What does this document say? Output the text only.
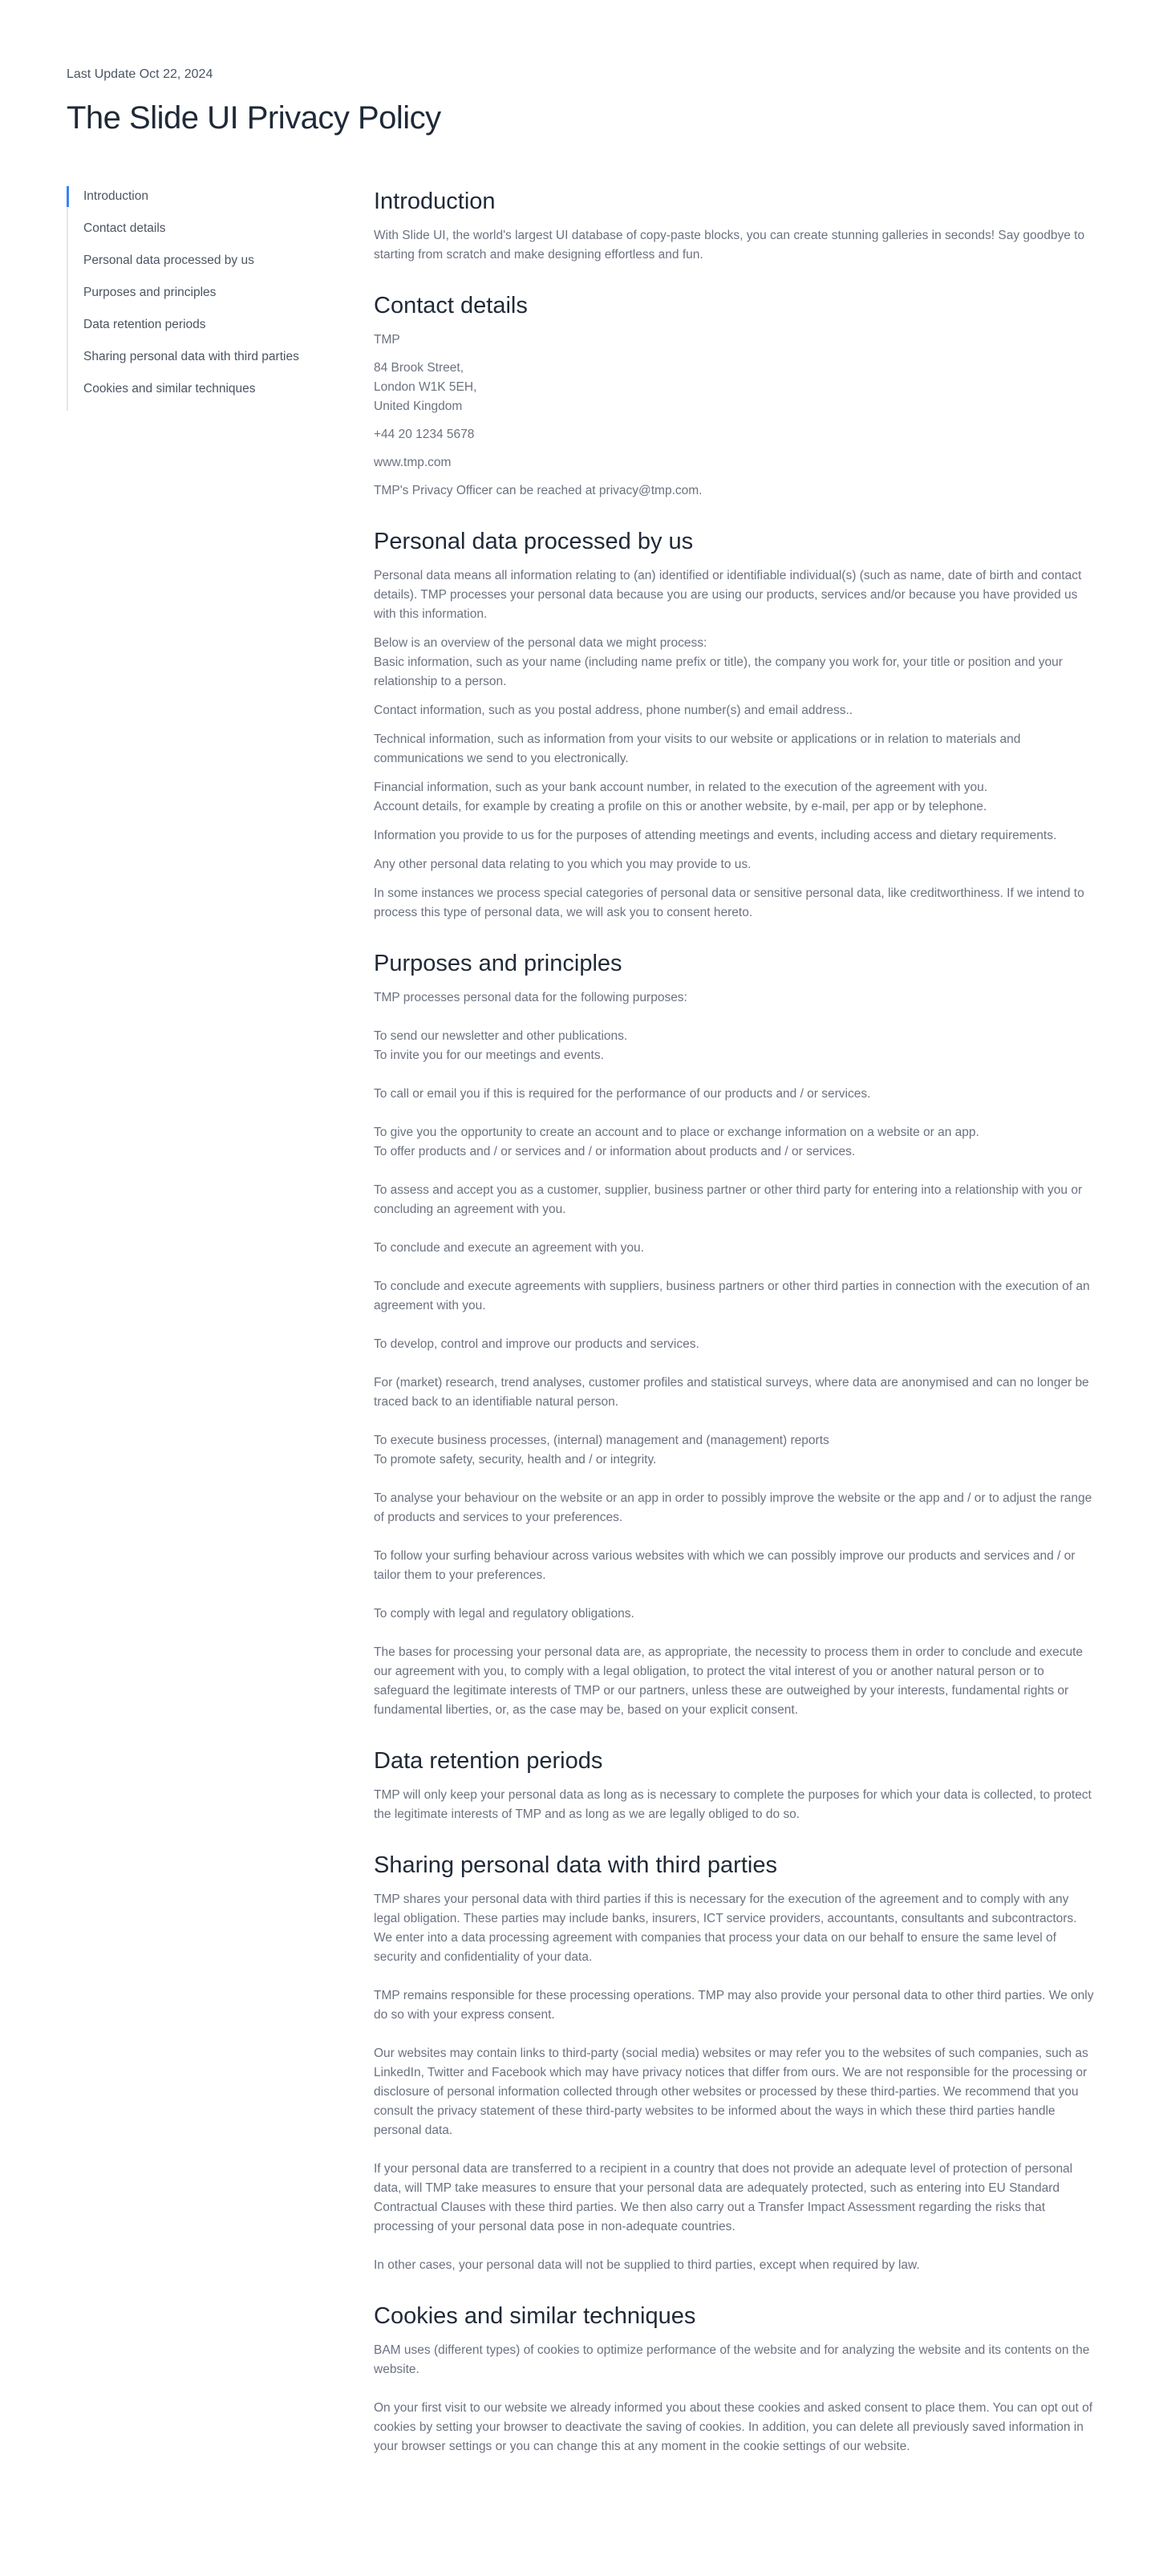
Last Update Oct 22, 2024
The Slide UI Privacy Policy
Introduction
Contact details
Personal data processed by us
Purposes and principles
Data retention periods
Sharing personal data with third parties
Cookies and similar techniques
Introduction

With Slide UI, the world's largest UI database of copy-paste blocks, you can create stunning galleries in seconds! Say goodbye to starting from scratch and make designing effortless and fun.

Contact details

TMP

84 Brook Street,
London W1K 5EH,
United Kingdom

+44 20 1234 5678

www.tmp.com

TMP's Privacy Officer can be reached at privacy@tmp.com.

Personal data processed by us

Personal data means all information relating to (an) identified or identifiable individual(s) (such as name, date of birth and contact details). TMP processes your personal data because you are using our products, services and/or because you have provided us with this information.

Below is an overview of the personal data we might process:
Basic information, such as your name (including name prefix or title), the company you work for, your title or position and your relationship to a person.

Contact information, such as you postal address, phone number(s) and email address..

Technical information, such as information from your visits to our website or applications or in relation to materials and communications we send to you electronically.

Financial information, such as your bank account number, in related to the execution of the agreement with you.
Account details, for example by creating a profile on this or another website, by e-mail, per app or by telephone.

Information you provide to us for the purposes of attending meetings and events, including access and dietary requirements.

Any other personal data relating to you which you may provide to us.

In some instances we process special categories of personal data or sensitive personal data, like creditworthiness. If we intend to process this type of personal data, we will ask you to consent hereto.

Purposes and principles

TMP processes personal data for the following purposes:

To send our newsletter and other publications.
To invite you for our meetings and events.

To call or email you if this is required for the performance of our products and / or services.

To give you the opportunity to create an account and to place or exchange information on a website or an app.
To offer products and / or services and / or information about products and / or services.

To assess and accept you as a customer, supplier, business partner or other third party for entering into a relationship with you or concluding an agreement with you.

To conclude and execute an agreement with you.

To conclude and execute agreements with suppliers, business partners or other third parties in connection with the execution of an agreement with you.

To develop, control and improve our products and services.

For (market) research, trend analyses, customer profiles and statistical surveys, where data are anonymised and can no longer be traced back to an identifiable natural person.

To execute business processes, (internal) management and (management) reports
To promote safety, security, health and / or integrity.

To analyse your behaviour on the website or an app in order to possibly improve the website or the app and / or to adjust the range of products and services to your preferences.

To follow your surfing behaviour across various websites with which we can possibly improve our products and services and / or tailor them to your preferences.

To comply with legal and regulatory obligations.

The bases for processing your personal data are, as appropriate, the necessity to process them in order to conclude and execute our agreement with you, to comply with a legal obligation, to protect the vital interest of you or another natural person or to safeguard the legitimate interests of TMP or our partners, unless these are outweighed by your interests, fundamental rights or fundamental liberties, or, as the case may be, based on your explicit consent.

Data retention periods

TMP will only keep your personal data as long as is necessary to complete the purposes for which your data is collected, to protect the legitimate interests of TMP and as long as we are legally obliged to do so.

Sharing personal data with third parties

TMP shares your personal data with third parties if this is necessary for the execution of the agreement and to comply with any legal obligation. These parties may include banks, insurers, ICT service providers, accountants, consultants and subcontractors. We enter into a data processing agreement with companies that process your data on our behalf to ensure the same level of security and confidentiality of your data.

TMP remains responsible for these processing operations. TMP may also provide your personal data to other third parties. We only do so with your express consent.

Our websites may contain links to third-party (social media) websites or may refer you to the websites of such companies, such as LinkedIn, Twitter and Facebook which may have privacy notices that differ from ours. We are not responsible for the processing or disclosure of personal information collected through other websites or processed by these third-parties. We recommend that you consult the privacy statement of these third-party websites to be informed about the ways in which these third parties handle personal data.

If your personal data are transferred to a recipient in a country that does not provide an adequate level of protection of personal data, will TMP take measures to ensure that your personal data are adequately protected, such as entering into EU Standard Contractual Clauses with these third parties. We then also carry out a Transfer Impact Assessment regarding the risks that processing of your personal data pose in non-adequate countries.

In other cases, your personal data will not be supplied to third parties, except when required by law.

Cookies and similar techniques

BAM uses (different types) of cookies to optimize performance of the website and for analyzing the website and its contents on the website.

On your first visit to our website we already informed you about these cookies and asked consent to place them. You can opt out of cookies by setting your browser to deactivate the saving of cookies. In addition, you can delete all previously saved information in your browser settings or you can change this at any moment in the cookie settings of our website.
